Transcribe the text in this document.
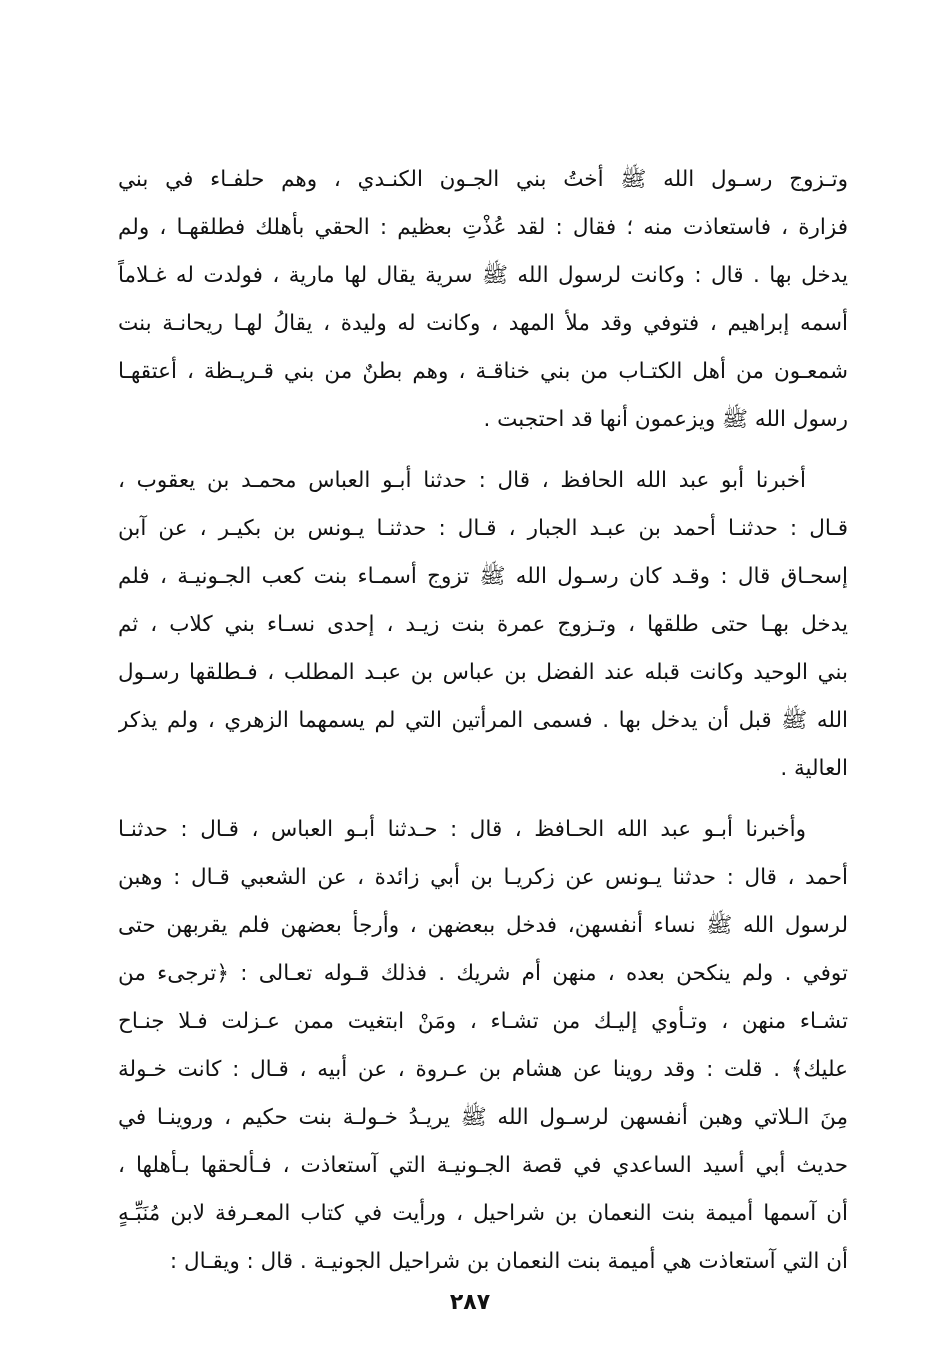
وتـزوج رسـول الله ﷺ أختُ بني الجـون الكنـدي ، وهم حلفـاء في بني
فزارة ، فاستعاذت منه ؛ فقال : لقد عُذْتِ بعظيم : الحقي بأهلك فطلقهـا ، ولم
يدخل بها . قال : وكانت لرسول الله ﷺ سرية يقال لها مارية ، فولدت له غـلاماً
أسمه إبراهيم ، فتوفي وقد ملأ المهد ، وكانت له وليدة ، يقالُ لهـا ريحانـة بنت
شمعـون من أهل الكتـاب من بني خناقـة ، وهم بطنٌ من بني قـريـظة ، أعتقهـا
رسول الله ﷺ ويزعمون أنها قد احتجبت .
أخبرنا أبو عبد الله الحافظ ، قال : حدثنا أبـو العباس محمـد بن يعقوب ،
قـال : حدثنـا أحمد بن عبـد الجبار ، قـال : حدثنـا يـونس بن بكيـر ، عن آبن
إسحـاق قال : وقـد كان رسـول الله ﷺ تزوج أسمـاء بنت كعب الجـونيـة ، فلم
يدخل بهـا حتى طلقها ، وتـزوج عمرة بنت زيـد ، إحدى نسـاء بني كلاب ، ثم
بني الوحيد وكانت قبله عند الفضل بن عباس بن عبـد المطلب ، فـطلقها رسـول
الله ﷺ قبل أن يدخل بها . فسمى المرأتين التي لم يسمهما الزهري ، ولم يذكر
العالية .
وأخبرنا أبـو عبد الله الحـافظ ، قال : حـدثنا أبـو العباس ، قـال : حدثنـا
أحمد ، قال : حدثنا يـونس عن زكريـا بن أبي زائدة ، عن الشعبي قـال : وهبن
لرسول الله ﷺ نساء أنفسهن، فدخل ببعضهن ، وأرجأ بعضهن فلم يقربهن حتى
توفي . ولم ينكحن بعده ، منهن أم شريك . فذلك قـوله تعـالى : ﴿ترجىء من
تشـاء منهن ، وتـأوي إليـك من تشـاء ، ومَنْ ابتغيت ممن عـزلت فـلا جنـاح
عليك﴾ . قلت : وقد روينا عن هشام بن عـروة ، عن أبيه ، قـال : كانت خـولة
مِنَ الـلاتي وهبن أنفسهن لرسـول الله ﷺ يريـدُ خـولـة بنت حكيم ، وروينـا في
حديث أبي أسيد الساعدي في قصة الجـونيـة التي آستعاذت ، فـألحقها بـأهلها ،
أن آسمها أميمة بنت النعمان بن شراحيل ، ورأيت في كتاب المعـرفة لابن مُنَبِّـهٍ
أن التي آستعاذت هي أميمة بنت النعمان بن شراحيل الجونيـة . قال : ويقـال :
٢٨٧
